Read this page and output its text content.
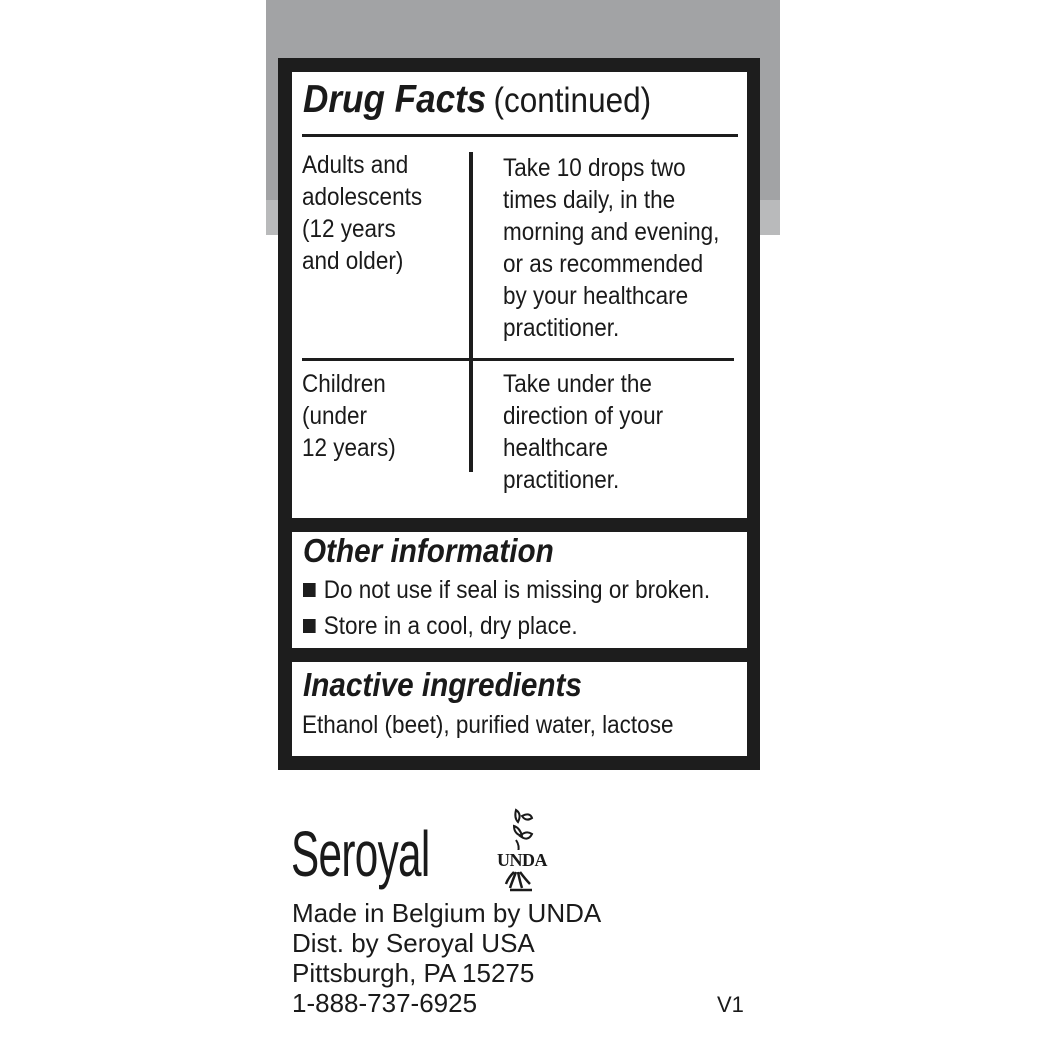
Drug Facts (continued)
Adults and
adolescents
(12 years
and older)
Take 10 drops two
times daily, in the
morning and evening,
or as recommended
by your healthcare
practitioner.
Children
(under
12 years)
Take under the
direction of your
healthcare
practitioner.
Other information
Do not use if seal is missing or broken.
Store in a cool, dry place.
Inactive ingredients
Ethanol (beet), purified water, lactose
Seroyal	UNDA
Made in Belgium by UNDA
Dist. by Seroyal USA
Pittsburgh, PA 15275
1-888-737-6925	V1
